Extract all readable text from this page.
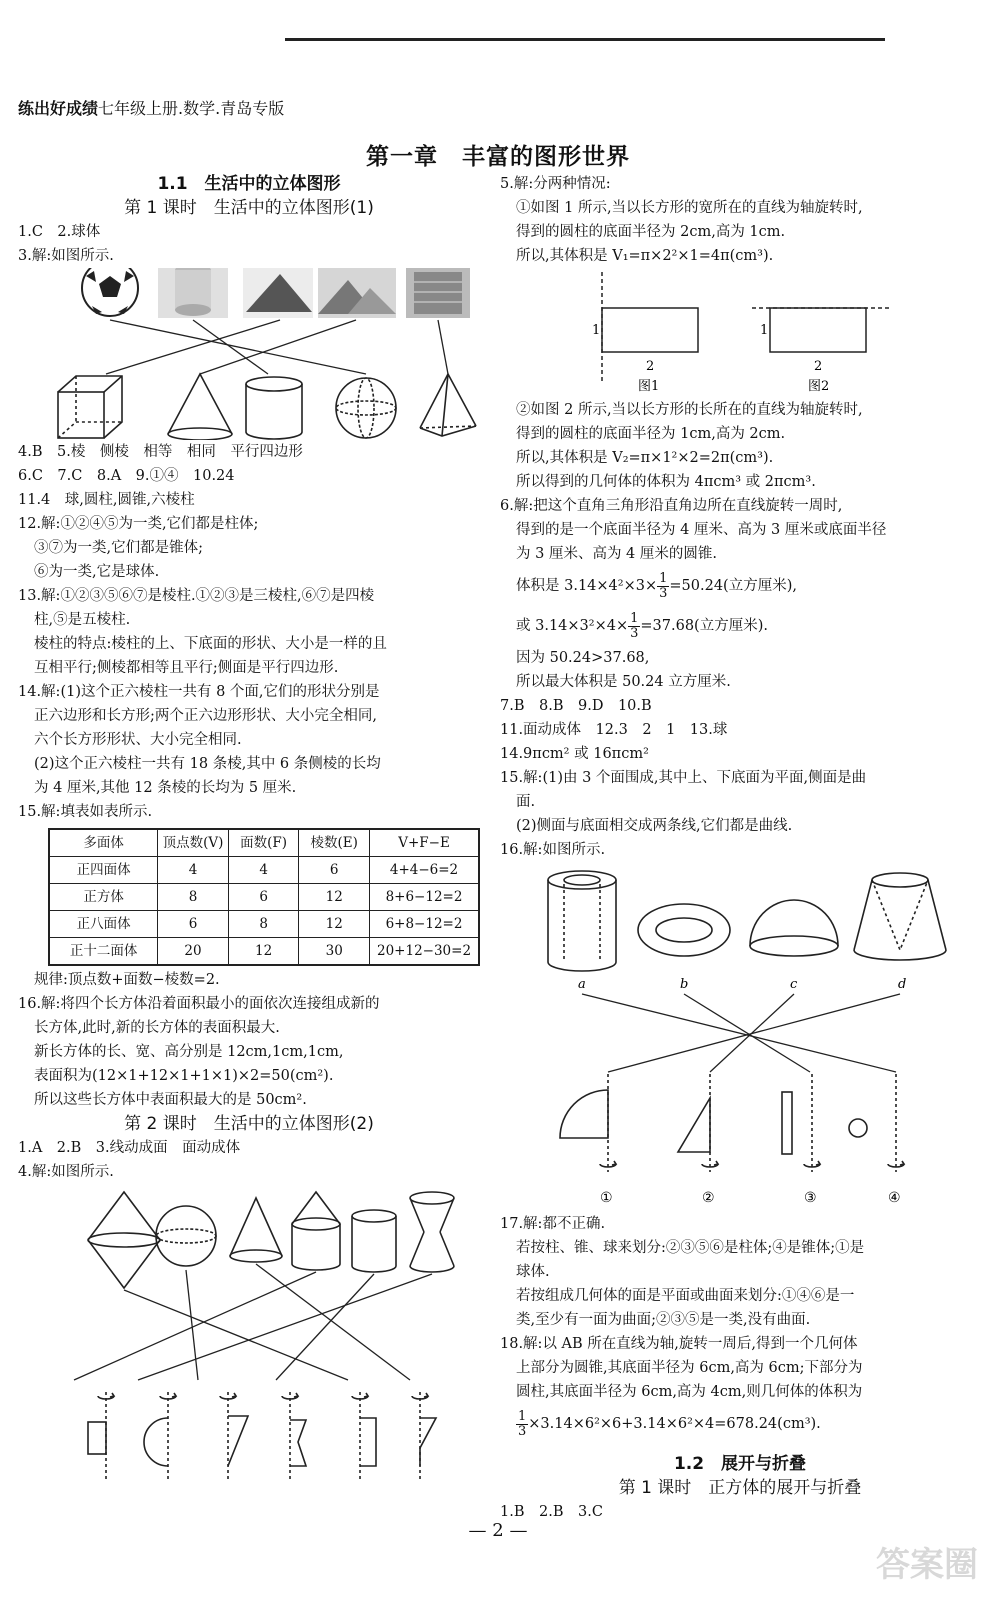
练出好成绩七年级上册.数学.青岛专版
第一章　丰富的图形世界

1.1　生活中的立体图形

第 1 课时　生活中的立体图形(1)

1.C　2.球体

3.解:如图所示.

4.B　5.棱　侧棱　相等　相同　平行四边形

6.C　7.C　8.A　9.①④　10.24

11.4　球,圆柱,圆锥,六棱柱

12.解:①②④⑤为一类,它们都是柱体;

③⑦为一类,它们都是锥体;

⑥为一类,它是球体.

13.解:①②③⑤⑥⑦是棱柱.①②③是三棱柱,⑥⑦是四棱

柱,⑤是五棱柱.

棱柱的特点:棱柱的上、下底面的形状、大小是一样的且

互相平行;侧棱都相等且平行;侧面是平行四边形.

14.解:(1)这个正六棱柱一共有 8 个面,它们的形状分别是

正六边形和长方形;两个正六边形形状、大小完全相同,

六个长方形形状、大小完全相同.

(2)这个正六棱柱一共有 18 条棱,其中 6 条侧棱的长均

为 4 厘米,其他 12 条棱的长均为 5 厘米.

15.解:填表如表所示.

多面体	顶点数(V)	面数(F)	棱数(E)	V+F−E
正四面体	4	4	6	4+4−6=2
正方体	8	6	12	8+6−12=2
正八面体	6	8	12	6+8−12=2
正十二面体	20	12	30	20+12−30=2

规律:顶点数+面数−棱数=2.

16.解:将四个长方体沿着面积最小的面依次连接组成新的

长方体,此时,新的长方体的表面积最大.

新长方体的长、宽、高分别是 12cm,1cm,1cm,

表面积为(12×1+12×1+1×1)×2=50(cm²).

所以这些长方体中表面积最大的是 50cm².

第 2 课时　生活中的立体图形(2)

1.A　2.B　3.线动成面　面动成体

4.解:如图所示.

5.解:分两种情况:

①如图 1 所示,当以长方形的宽所在的直线为轴旋转时,

得到的圆柱的底面半径为 2cm,高为 1cm.

所以,其体积是 V₁=π×2²×1=4π(cm³).

1
2
1
2
图1	图2

②如图 2 所示,当以长方形的长所在的直线为轴旋转时,

得到的圆柱的底面半径为 1cm,高为 2cm.

所以,其体积是 V₂=π×1²×2=2π(cm³).

所以得到的几何体的体积为 4πcm³ 或 2πcm³.

6.解:把这个直角三角形沿直角边所在直线旋转一周时,

得到的是一个底面半径为 4 厘米、高为 3 厘米或底面半径

为 3 厘米、高为 4 厘米的圆锥.

体积是 $3.14\times 4^2\times 3\times \frac{1}{3} =50.24$(立方厘米),

或 $3.14\times 3^2\times 4\times \frac{1}{3} =37.68$(立方厘米).

因为 50.24>37.68,

所以最大体积是 50.24 立方厘米.

7.B　8.B　9.D　10.B

11.面动成体　12.3　2　1　13.球

14.9πcm² 或 16πcm²

15.解:(1)由 3 个面围成,其中上、下底面为平面,侧面是曲

面.

(2)侧面与底面相交成两条线,它们都是曲线.

16.解:如图所示.

a	b	c	d
①	②	③	④

17.解:都不正确.

若按柱、锥、球来划分:②③⑤⑥是柱体;④是锥体;①是

球体.

若按组成几何体的面是平面或曲面来划分:①④⑥是一

类,至少有一面为曲面;②③⑤是一类,没有曲面.

18.解:以 AB 所在直线为轴,旋转一周后,得到一个几何体

上部分为圆锥,其底面半径为 6cm,高为 6cm;下部分为

圆柱,其底面半径为 6cm,高为 4cm,则几何体的体积为

$\frac{1}{3} \times 3.14\times 6^2\times 6+3.14\times 6^2\times 4=678.24(cm^3)$.

1.2　展开与折叠

第 1 课时　正方体的展开与折叠

1.B　2.B　3.C

— 2 —
答案圈
